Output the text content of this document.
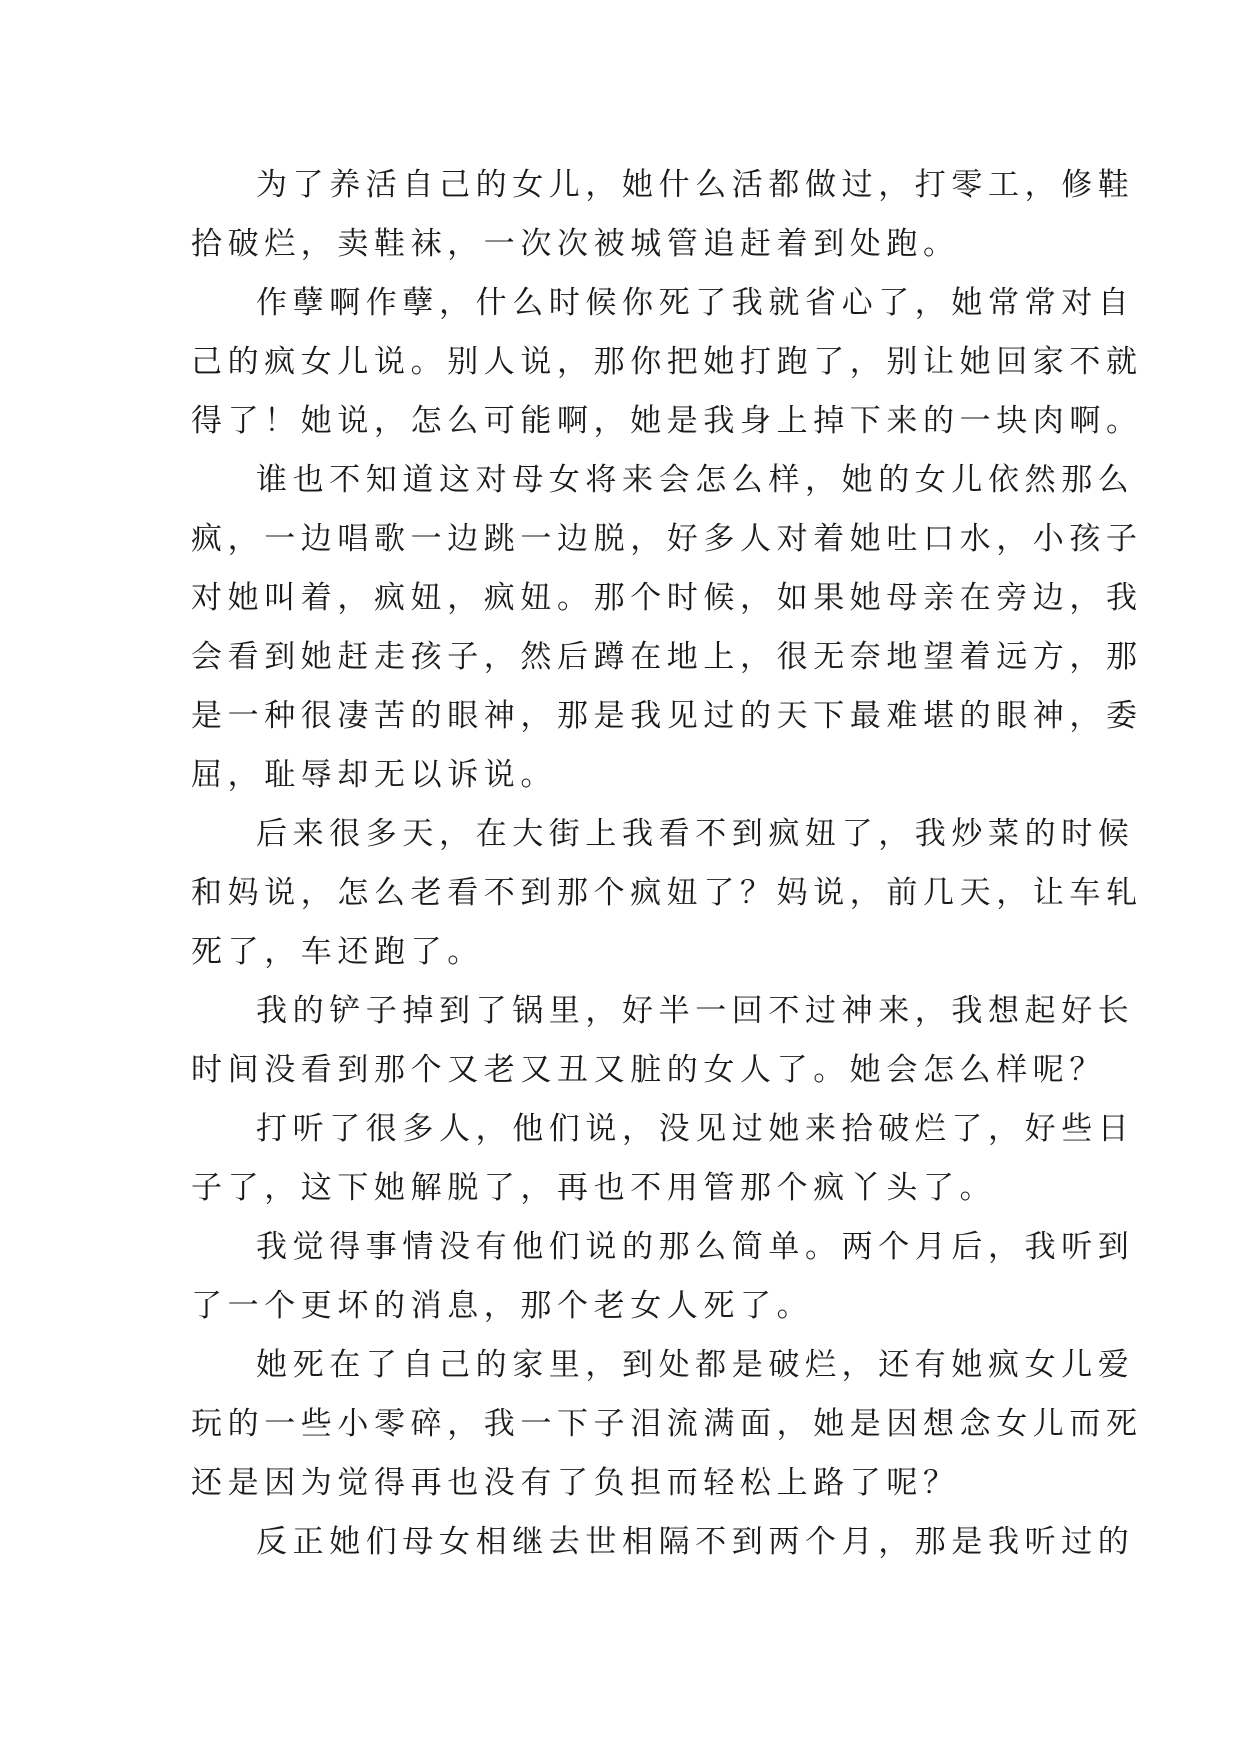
为了养活自己的女儿，她什么活都做过，打零工，修鞋
拾破烂，卖鞋袜，一次次被城管追赶着到处跑。
作孽啊作孽，什么时候你死了我就省心了，她常常对自
己的疯女儿说。别人说，那你把她打跑了，别让她回家不就
得了！她说，怎么可能啊，她是我身上掉下来的一块肉啊。
谁也不知道这对母女将来会怎么样，她的女儿依然那么
疯，一边唱歌一边跳一边脱，好多人对着她吐口水，小孩子
对她叫着，疯妞，疯妞。那个时候，如果她母亲在旁边，我
会看到她赶走孩子，然后蹲在地上，很无奈地望着远方，那
是一种很凄苦的眼神，那是我见过的天下最难堪的眼神，委
屈，耻辱却无以诉说。
后来很多天，在大街上我看不到疯妞了，我炒菜的时候
和妈说，怎么老看不到那个疯妞了？妈说，前几天，让车轧
死了，车还跑了。
我的铲子掉到了锅里，好半一回不过神来，我想起好长
时间没看到那个又老又丑又脏的女人了。她会怎么样呢？
打听了很多人，他们说，没见过她来拾破烂了，好些日
子了，这下她解脱了，再也不用管那个疯丫头了。
我觉得事情没有他们说的那么简单。两个月后，我听到
了一个更坏的消息，那个老女人死了。
她死在了自己的家里，到处都是破烂，还有她疯女儿爱
玩的一些小零碎，我一下子泪流满面，她是因想念女儿而死
还是因为觉得再也没有了负担而轻松上路了呢？
反正她们母女相继去世相隔不到两个月，那是我听过的
